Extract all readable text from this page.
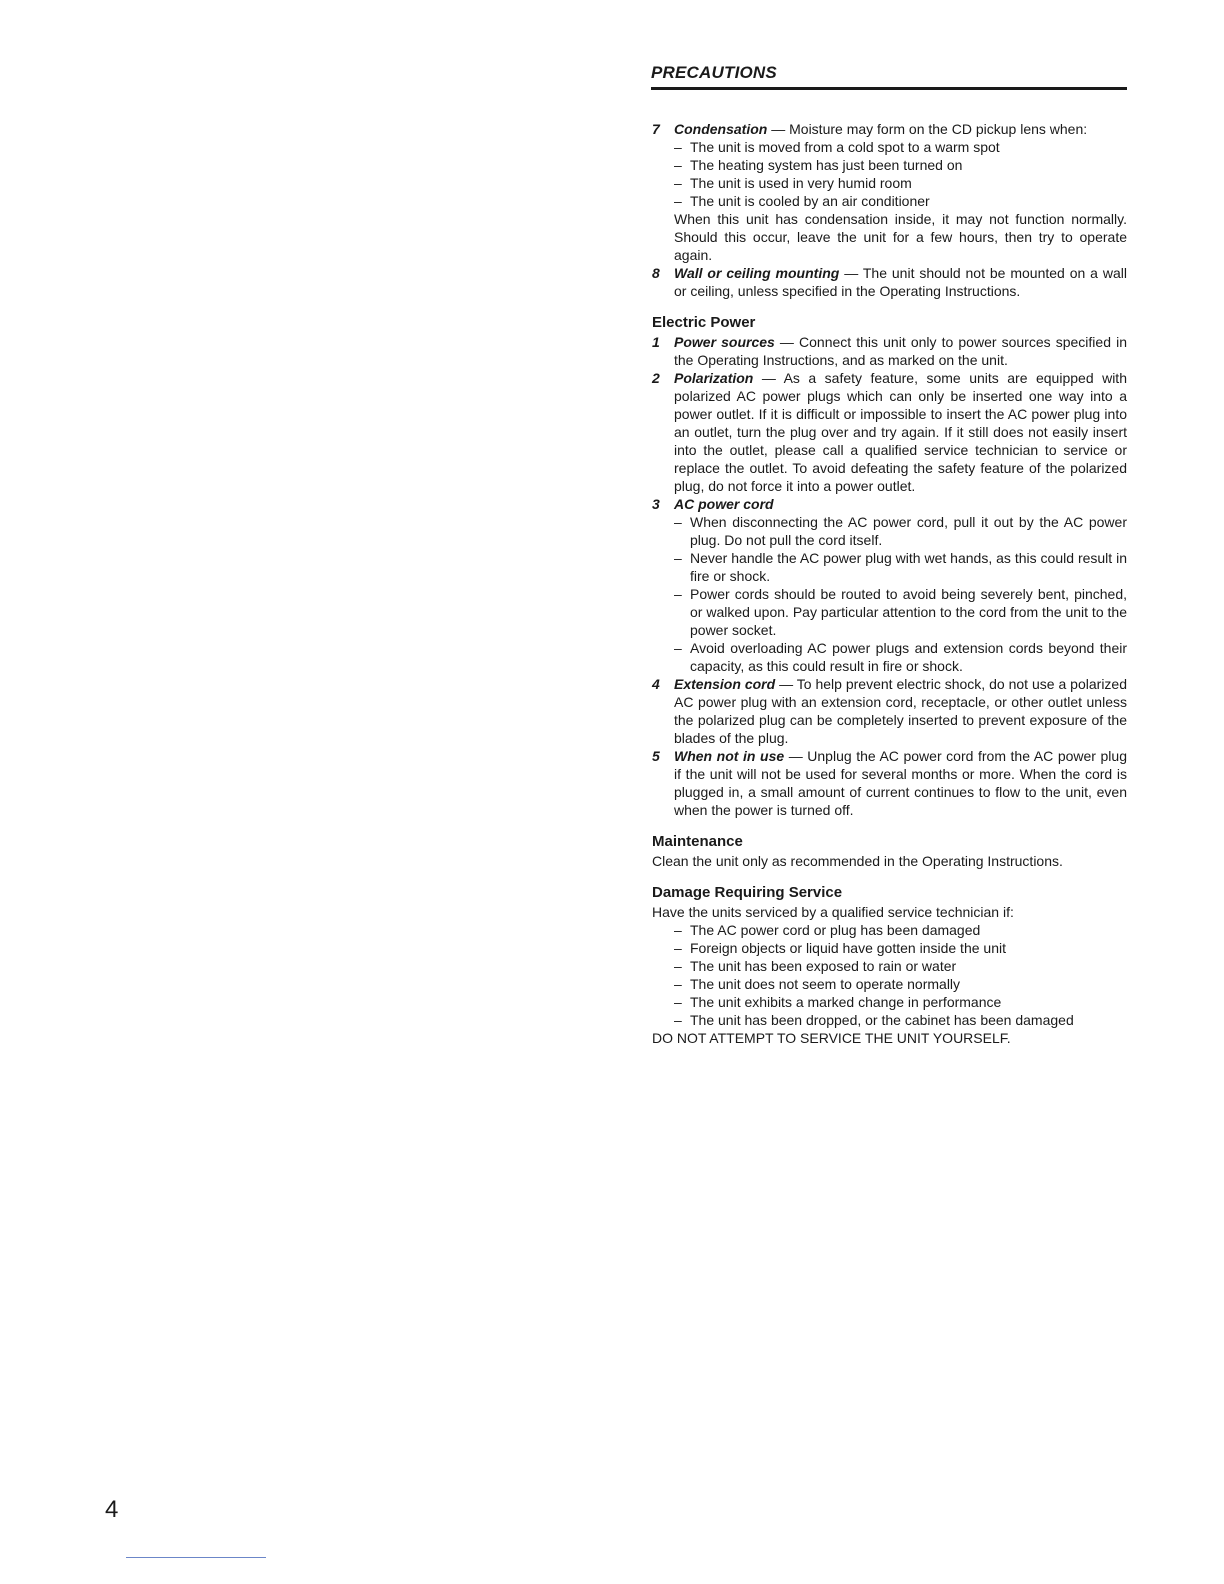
PRECAUTIONS
7 Condensation — Moisture may form on the CD pickup lens when:
– The unit is moved from a cold spot to a warm spot
– The heating system has just been turned on
– The unit is used in very humid room
– The unit is cooled by an air conditioner
When this unit has condensation inside, it may not function normally. Should this occur, leave the unit for a few hours, then try to operate again.
8 Wall or ceiling mounting — The unit should not be mounted on a wall or ceiling, unless specified in the Operating Instructions.
Electric Power
1 Power sources — Connect this unit only to power sources specified in the Operating Instructions, and as marked on the unit.
2 Polarization — As a safety feature, some units are equipped with polarized AC power plugs which can only be inserted one way into a power outlet. If it is difficult or impossible to insert the AC power plug into an outlet, turn the plug over and try again. If it still does not easily insert into the outlet, please call a qualified service technician to service or replace the outlet. To avoid defeating the safety feature of the polarized plug, do not force it into a power outlet.
3 AC power cord
– When disconnecting the AC power cord, pull it out by the AC power plug. Do not pull the cord itself.
– Never handle the AC power plug with wet hands, as this could result in fire or shock.
– Power cords should be routed to avoid being severely bent, pinched, or walked upon. Pay particular attention to the cord from the unit to the power socket.
– Avoid overloading AC power plugs and extension cords beyond their capacity, as this could result in fire or shock.
4 Extension cord — To help prevent electric shock, do not use a polarized AC power plug with an extension cord, receptacle, or other outlet unless the polarized plug can be completely inserted to prevent exposure of the blades of the plug.
5 When not in use — Unplug the AC power cord from the AC power plug if the unit will not be used for several months or more. When the cord is plugged in, a small amount of current continues to flow to the unit, even when the power is turned off.
Maintenance
Clean the unit only as recommended in the Operating Instructions.
Damage Requiring Service
Have the units serviced by a qualified service technician if:
– The AC power cord or plug has been damaged
– Foreign objects or liquid have gotten inside the unit
– The unit has been exposed to rain or water
– The unit does not seem to operate normally
– The unit exhibits a marked change in performance
– The unit has been dropped, or the cabinet has been damaged
DO NOT ATTEMPT TO SERVICE THE UNIT YOURSELF.
4
